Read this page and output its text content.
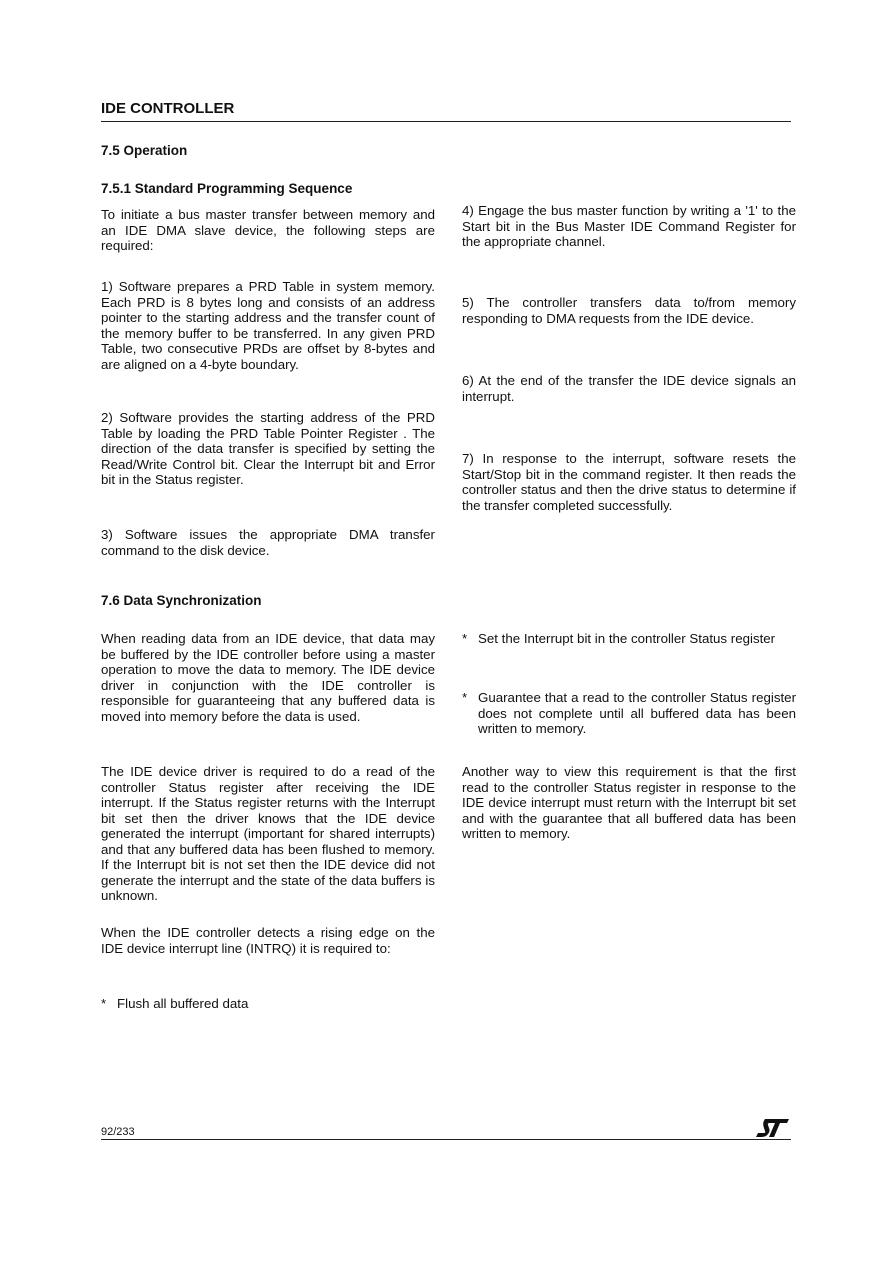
IDE CONTROLLER
7.5 Operation
7.5.1 Standard Programming Sequence

To initiate a bus master transfer between memory and an IDE DMA slave device, the following steps are required:

1) Software prepares a PRD Table in system memory. Each PRD is 8 bytes long and consists of an address pointer to the starting address and the transfer count of the memory buffer to be transferred. In any given PRD Table, two consecutive PRDs are offset by 8-bytes and are aligned on a 4-byte boundary.

2) Software provides the starting address of the PRD Table by loading the PRD Table Pointer Register . The direction of the data transfer is specified by setting the Read/Write Control bit. Clear the Interrupt bit and Error bit in the Status register.

3) Software issues the appropriate DMA transfer command to the disk device.

4) Engage the bus master function by writing a '1' to the Start bit in the Bus Master IDE Command Register for the appropriate channel.

5) The controller transfers data to/from memory responding to DMA requests from the IDE device.

6) At the end of the transfer the IDE device signals an interrupt.

7) In response to the interrupt, software resets the Start/Stop bit in the command register. It then reads the controller status and then the drive status to determine if the transfer completed successfully.

7.6 Data Synchronization

When reading data from an IDE device, that data may be buffered by the IDE controller before using a master operation to move the data to memory. The IDE device driver in conjunction with the IDE controller is responsible for guaranteeing that any buffered data is moved into memory before the data is used.

The IDE device driver is required to do a read of the controller Status register after receiving the IDE interrupt. If the Status register returns with the Interrupt bit set then the driver knows that the IDE device generated the interrupt (important for shared interrupts) and that any buffered data has been flushed to memory. If the Interrupt bit is not set then the IDE device did not generate the interrupt and the state of the data buffers is unknown.

When the IDE controller detects a rising edge on the IDE device interrupt line (INTRQ) it is required to:

* Flush all buffered data
* Set the Interrupt bit in the controller Status register
* Guarantee that a read to the controller Status register does not complete until all buffered data has been written to memory.

Another way to view this requirement is that the first read to the controller Status register in response to the IDE device interrupt must return with the Interrupt bit set and with the guarantee that all buffered data has been written to memory.

92/233
